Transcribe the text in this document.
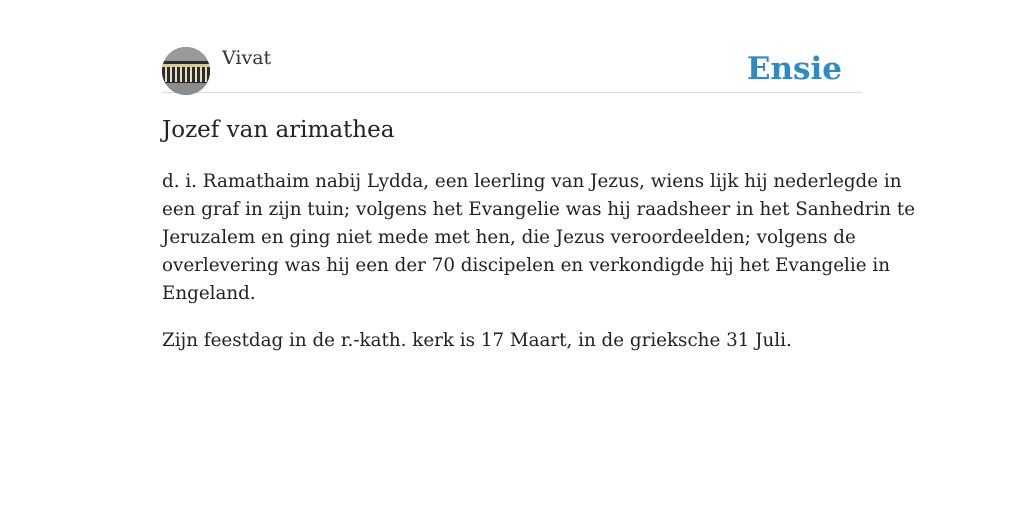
Vivat	Ensie
Jozef van arimathea

d. i. Ramathaim nabij Lydda, een leerling van Jezus, wiens lijk hij nederlegde in

een graf in zijn tuin; volgens het Evangelie was hij raadsheer in het Sanhedrin te

Jeruzalem en ging niet mede met hen, die Jezus veroordeelden; volgens de

overlevering was hij een der 70 discipelen en verkondigde hij het Evangelie in

Engeland.

Zijn feestdag in de r.-kath. kerk is 17 Maart, in de grieksche 31 Juli.
